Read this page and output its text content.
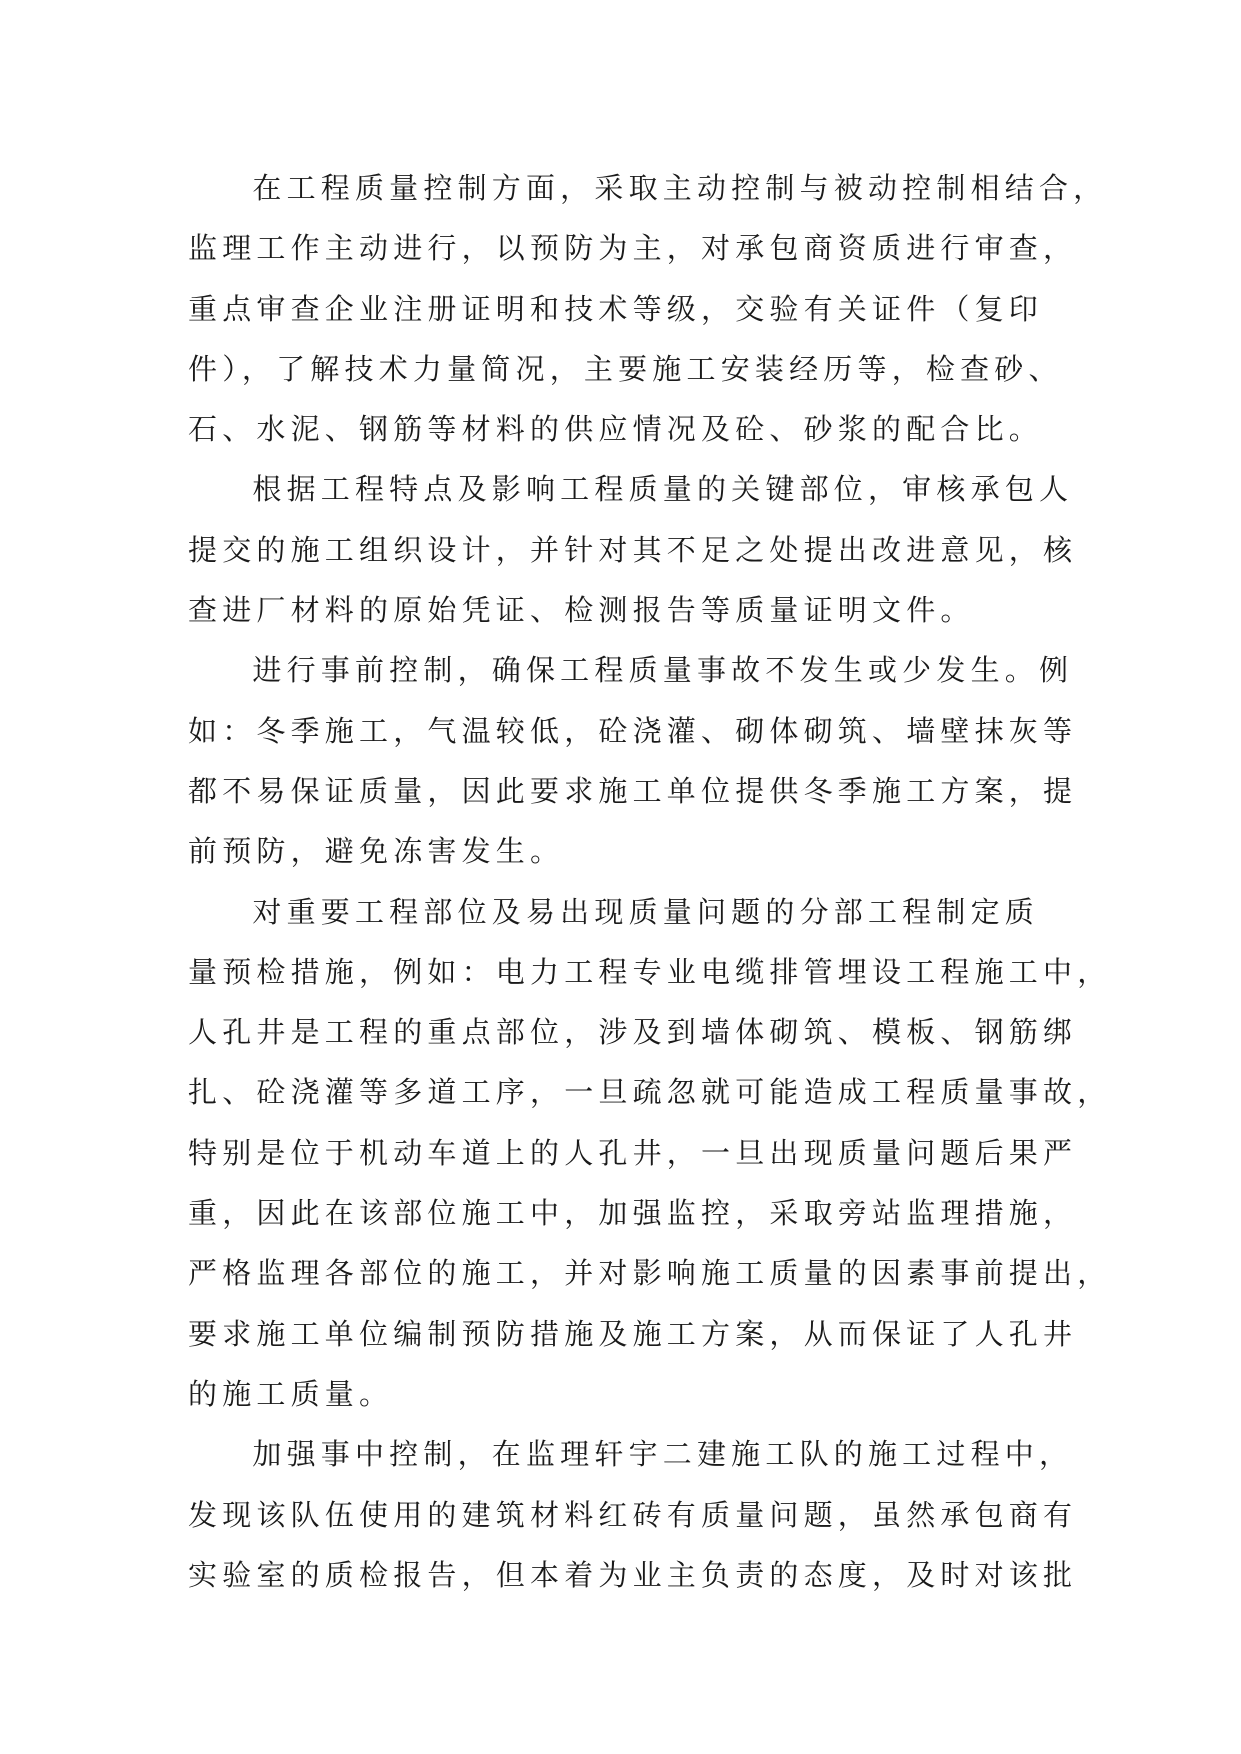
在工程质量控制方面，采取主动控制与被动控制相结合，
监理工作主动进行，以预防为主，对承包商资质进行审查，
重点审查企业注册证明和技术等级，交验有关证件（复印
件），了解技术力量简况，主要施工安装经历等，检查砂、
石、水泥、钢筋等材料的供应情况及砼、砂浆的配合比。

根据工程特点及影响工程质量的关键部位，审核承包人
提交的施工组织设计，并针对其不足之处提出改进意见，核
查进厂材料的原始凭证、检测报告等质量证明文件。

进行事前控制，确保工程质量事故不发生或少发生。例
如：冬季施工，气温较低，砼浇灌、砌体砌筑、墙壁抹灰等
都不易保证质量，因此要求施工单位提供冬季施工方案，提
前预防，避免冻害发生。

对重要工程部位及易出现质量问题的分部工程制定质
量预检措施，例如：电力工程专业电缆排管埋设工程施工中，
人孔井是工程的重点部位，涉及到墙体砌筑、模板、钢筋绑
扎、砼浇灌等多道工序，一旦疏忽就可能造成工程质量事故，
特别是位于机动车道上的人孔井，一旦出现质量问题后果严
重，因此在该部位施工中，加强监控，采取旁站监理措施，
严格监理各部位的施工，并对影响施工质量的因素事前提出，
要求施工单位编制预防措施及施工方案，从而保证了人孔井
的施工质量。

加强事中控制，在监理轩宇二建施工队的施工过程中，
发现该队伍使用的建筑材料红砖有质量问题，虽然承包商有
实验室的质检报告，但本着为业主负责的态度，及时对该批
